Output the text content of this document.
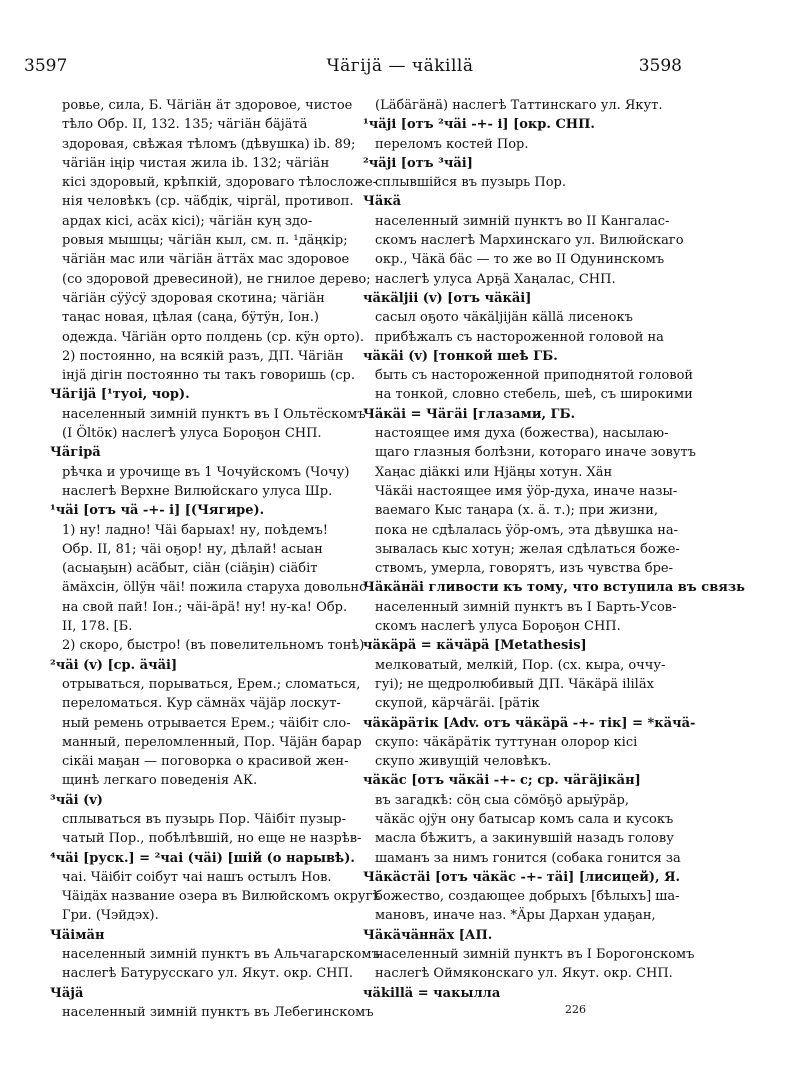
3597	Чäгijä — чäkillä	3598
ровье, сила, Б. Чäгiäн äт здоровое, чистое
тѣло Обр. II, 132. 135; чäгiäн бäjäтä
здоровая, свѣжая тѣломъ (дѣвушка) ib. 89;
чäгiäн iңiр чистая жила ib. 132; чäгiäн
кiсi здоровый, крѣпкiй, здороваго тѣлосложе-
нiя человѣкъ (ср. чäбдiк, чiргäl, противоп.
ардах кiсi, асäх кiсi); чäгiäн куң здо-
ровыя мышцы; чäгiäн кыл, см. п. ¹дäңкiр;
чäгiäн мас или чäгiäн äттäх мас здоровое
(со здоровой древесиной), не гнилое дерево;
чäгiäн сÿÿсÿ здоровая скотина; чäгiäн
таңас новая, цѣлая (саңа, бÿтÿн, Іон.)
одежда. Чäгiäн орто полдень (ср. кÿн орто).
2) постоянно, на всякiй разъ, ДП. Чäгiäн
iнjä дiгiн постоянно ты такъ говоришь (ср.
Чäгijä [¹туoi, чор).
населенный зимнiй пунктъ въ I Ольтёскомъ
(I Öltöк) наслегѣ улуса Бороҕон СНП.
Чäгiрä
рѣчка и урочище въ 1 Чочуйскомъ (Чочу)
наслегѣ Верхне Вилюйскаго улуса Шр.
¹чäi [отъ чä -+- i] [(Чягире).
1) ну! ладно! Чäi барыах! ну, поѣдемъ!
Обр. II, 81; чäi оҕор! ну, дѣлай! асыан
(асыаҕын) асäбыт, сiäн (сiäҕiн) сiäбiт
äмäхсiн, öllÿн чäi! пожила старуха довольно
на свой пай! Іон.; чäi-äрä! ну! ну-ка! Обр.
II, 178. [Б.
2) скоро, быстро! (въ повелительномъ тонѣ)
²чäi (v) [ср. äчäi]
отрываться, порываться, Ерем.; сломаться,
переломаться. Кур сäмнäх чäjäр лоскут-
ный ремень отрывается Ерем.; чäiбiт сло-
манный, переломленный, Пор. Чäjäн барар
сiкäi маҕан — поговорка о красивой жен-
щинѣ легкаго поведенiя АК.
³чäi (v)
сплываться въ пузырь Пор. Чäiбiт пузыр-
чатый Пор., побѣлѣвшiй, но еще не назрѣв-
⁴чäi [руск.] = ²чаi (чäi) [шiй (о нарывѣ).
чаi. Чäiбiт соiбут чаi нашъ остылъ Нов.
Чäiдäх название озера въ Вилюйскомъ округѣ
Гри. (Чэйдэх).
Чäiмäн
населенный зимнiй пунктъ въ Альчагарскомъ
наслегѣ Батурусскаго ул. Якут. окр. СНП.
Чäjä
населенный зимнiй пунктъ въ Лебегинскомъ
(Läбäгäнä) наслегѣ Таттинскаго ул. Якут.
¹чäjі [отъ ²чäi -+- і] [окр. СНП.
переломъ костей Пор.
²чäjі [отъ ³чäi]
сплывшiйся въ пузырь Пор.
Чäкä
населенный зимнiй пунктъ во II Кангалас-
скомъ наслегѣ Мархинскаго ул. Вилюйскаго
окр., Чäкä бäс — то же во II Одунинскомъ
наслегѣ улуса Арҕä Хаңалас, СНП.
чäкäljii (v) [отъ чäкäi]
сасыл оҕото чäкäljijäн кällä лисенокъ
прибѣжалъ съ настороженной головой на
чäкäi (v) [тонкой шеѣ ГБ.
быть съ настороженной приподнятой головой
на тонкой, словно стебель, шеѣ, съ широкими
Чäкäi = Чäгäi [глазами, ГБ.
настоящее имя духа (божества), насылаю-
щаго глазныя болѣзни, котораго иначе зовутъ
Хаңас дiäккi или Нjäңы хотун. Хäн
Чäкäi настоящее имя ÿöр-духа, иначе назы-
ваемаго Кыс таңара (х. ä. т.); при жизни,
пока не сдѣлалась ÿöр-омъ, эта дѣвушка на-
зывалась кыс хотун; желая сдѣлаться боже-
ствомъ, умерла, говорятъ, изъ чувства бре-
Чäкäнäi гливости къ тому, что вступила въ связь
населенный зимнiй пунктъ въ I Барть-Усов-
скомъ наслегѣ улуса Бороҕон СНП.
чäкäрä = кäчäрä [Metathesis]
мелковатый, мелкiй, Пор. (сх. кыра, оччу-
гуi); не щедролюбивый ДП. Чäкäрä ililäх
скупой, кäрчäгäi. [рäтiк
чäкäрäтiк [Adv. отъ чäкäрä -+- тiк] = *кäчä-
скупо: чäкäрäтiк туттунан олорор кiсi
скупо живущiй человѣкъ.
чäкäс [отъ чäкäi -+- с; ср. чäгäjiкäн]
въ загадкѣ: сöң сыа сöмöҕö арыÿрäр,
чäкäс ojÿн ону батысар комъ сала и кусокъ
масла бѣжитъ, а закинувшiй назадъ голову
шаманъ за нимъ гонится (собака гонится за
Чäкäстäi [отъ чäкäс -+- тäi] [лисицей), Я.
божество, создающее добрыхъ [бѣлыхъ] ша-
мановъ, иначе наз. *Äры Дархан удаҕан,
Чäкäчäннäх [АП.
населенный зимнiй пунктъ въ I Борогонскомъ
наслегѣ Оймяконскаго ул. Якут. окр. СНП.
чäkillä = чакылла
226
